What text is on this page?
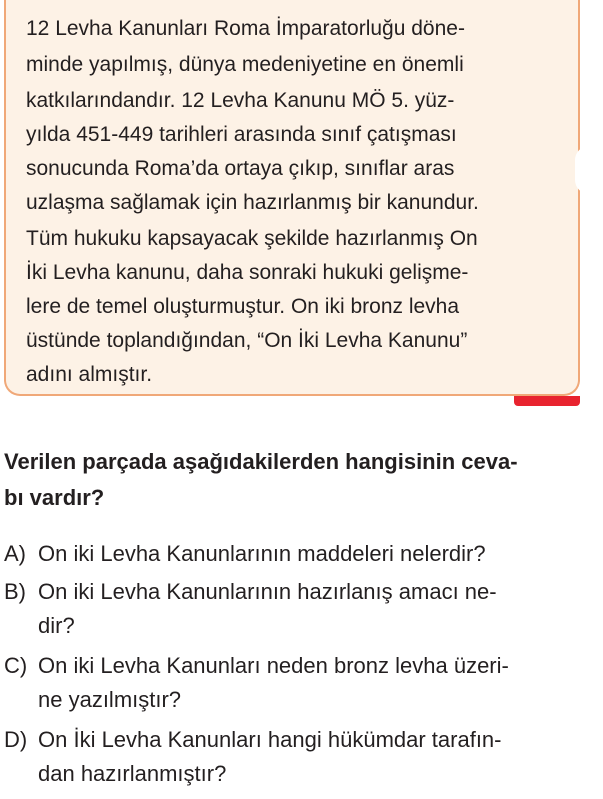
12 Levha Kanunları Roma İmparatorluğu döne-
minde yapılmış, dünya medeniyetine en önemli
katkılarındandır. 12 Levha Kanunu MÖ 5. yüz-
yılda 451-449 tarihleri arasında sınıf çatışması
sonucunda Roma’da ortaya çıkıp, sınıflar aras
uzlaşma sağlamak için hazırlanmış bir kanundur.
Tüm hukuku kapsayacak şekilde hazırlanmış On
İki Levha kanunu, daha sonraki hukuki gelişme-
lere de temel oluşturmuştur. On iki bronz levha
üstünde toplandığından, “On İki Levha Kanunu”
adını almıştır.
Verilen parçada aşağıdakilerden hangisinin ceva-
bı vardır?
A) On iki Levha Kanunlarının maddeleri nelerdir?
B) On iki Levha Kanunlarının hazırlanış amacı ne-
dir?
C) On iki Levha Kanunları neden bronz levha üzeri-
ne yazılmıştır?
D) On İki Levha Kanunları hangi hükümdar tarafın-
dan hazırlanmıştır?
